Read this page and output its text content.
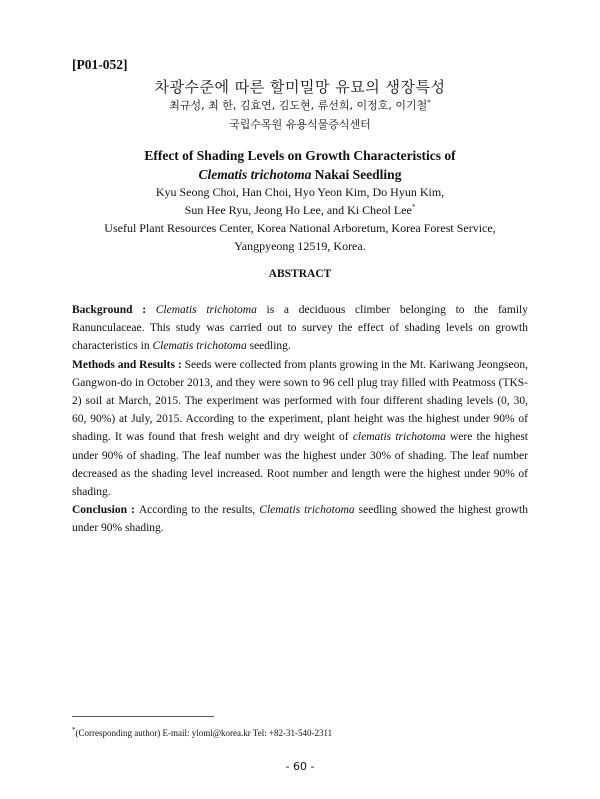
[P01-052]
차광수준에 따른 할미밀망 유묘의 생장특성
최규성, 최 한, 김효연, 김도현, 류선희, 이정호, 이기철*
국립수목원 유용식물증식센터
Effect of Shading Levels on Growth Characteristics of
Clematis trichotoma Nakai Seedling
Kyu Seong Choi, Han Choi, Hyo Yeon Kim, Do Hyun Kim,
Sun Hee Ryu, Jeong Ho Lee, and Ki Cheol Lee*
Useful Plant Resources Center, Korea National Arboretum, Korea Forest Service,
Yangpyeong 12519, Korea.
ABSTRACT

Background : Clematis trichotoma is a deciduous climber belonging to the family Ranunculaceae. This study was carried out to survey the effect of shading levels on growth characteristics in Clematis trichotoma seedling.

Methods and Results : Seeds were collected from plants growing in the Mt. Kariwang Jeongseon, Gangwon-do in October 2013, and they were sown to 96 cell plug tray filled with Peatmoss (TKS-2) soil at March, 2015. The experiment was performed with four different shading levels (0, 30, 60, 90%) at July, 2015. According to the experiment, plant height was the highest under 90% of shading. It was found that fresh weight and dry weight of clematis trichotoma were the highest under 90% of shading. The leaf number was the highest under 30% of shading. The leaf number decreased as the shading level increased. Root number and length were the highest under 90% of shading.

Conclusion : According to the results, Clematis trichotoma seedling showed the highest growth under 90% shading.

*(Corresponding author) E-mail: yloml@korea.kr Tel: +82-31-540-2311
- 60 -
